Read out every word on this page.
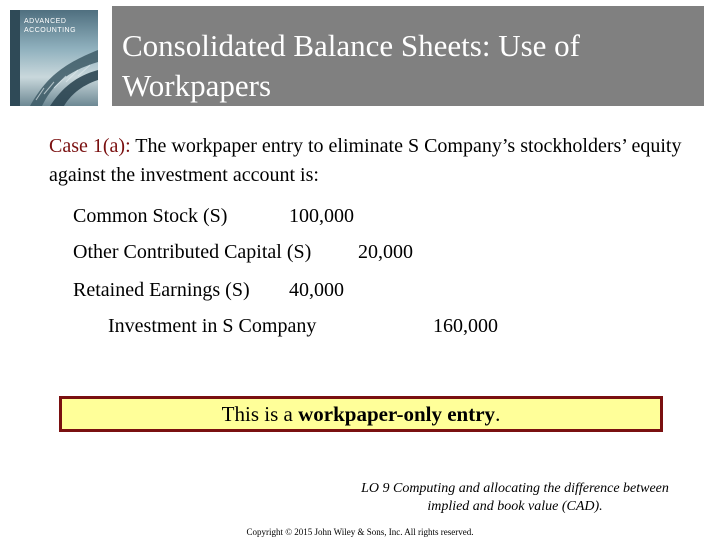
ADVANCED
ACCOUNTING Consolidated Balance Sheets: Use of Workpapers

Case 1(a): The workpaper entry to eliminate S Company’s stockholders’ equity against the investment account is:

Common Stock (S)	100,000
Other Contributed Capital (S) 20,000
Retained Earnings (S) 40,000
Investment in S Company	160,000
This is a workpaper-only entry.
LO 9 Computing and allocating the difference between
implied and book value (CAD).
Copyright © 2015 John Wiley & Sons, Inc. All rights reserved.
